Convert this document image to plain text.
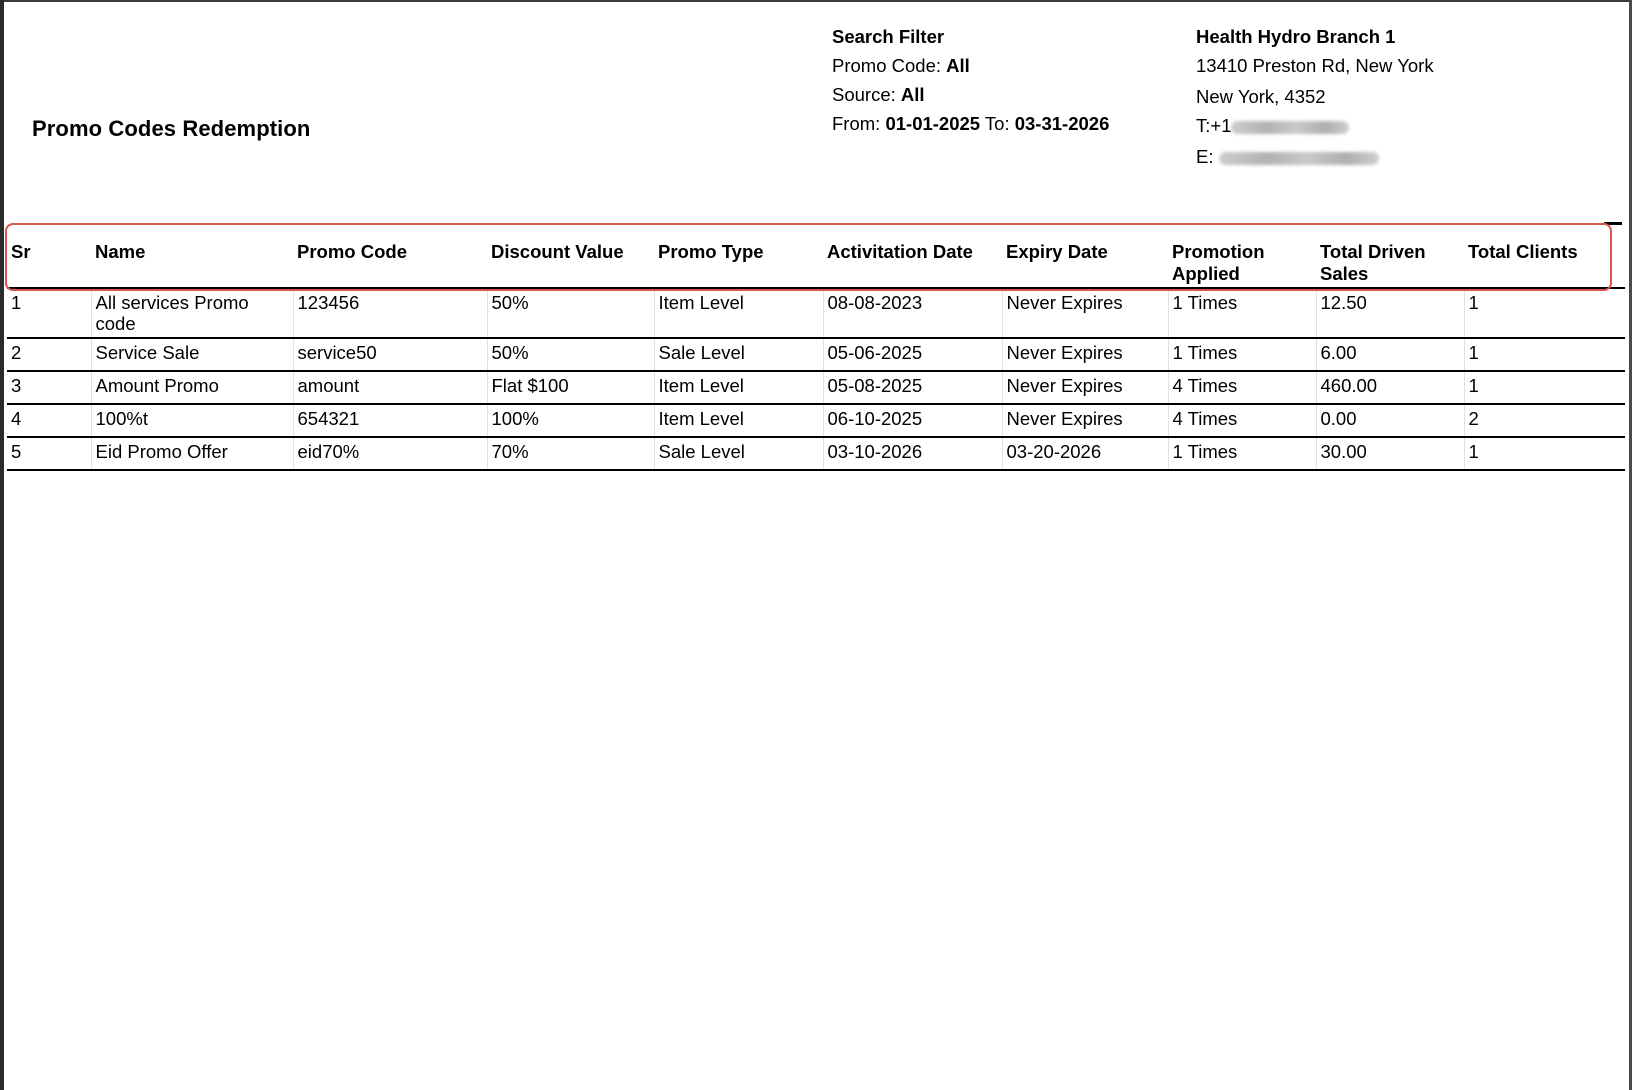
Promo Codes Redemption
Search Filter
Promo Code: All
Source: All
From: 01-01-2025 To: 03-31-2026
Health Hydro Branch 1
13410 Preston Rd, New York
New York, 4352
T:+1
E:
Sr	Name	Promo Code	Discount Value	Promo Type	Activitation Date	Expiry Date	Promotion Applied	Total Driven Sales	Total Clients
1	All services Promo code	123456	50%	Item Level	08-08-2023	Never Expires	1 Times	12.50	1
2	Service Sale	service50	50%	Sale Level	05-06-2025	Never Expires	1 Times	6.00	1
3	Amount Promo	amount	Flat $100	Item Level	05-08-2025	Never Expires	4 Times	460.00	1
4	100%t	654321	100%	Item Level	06-10-2025	Never Expires	4 Times	0.00	2
5	Eid Promo Offer	eid70%	70%	Sale Level	03-10-2026	03-20-2026	1 Times	30.00	1
